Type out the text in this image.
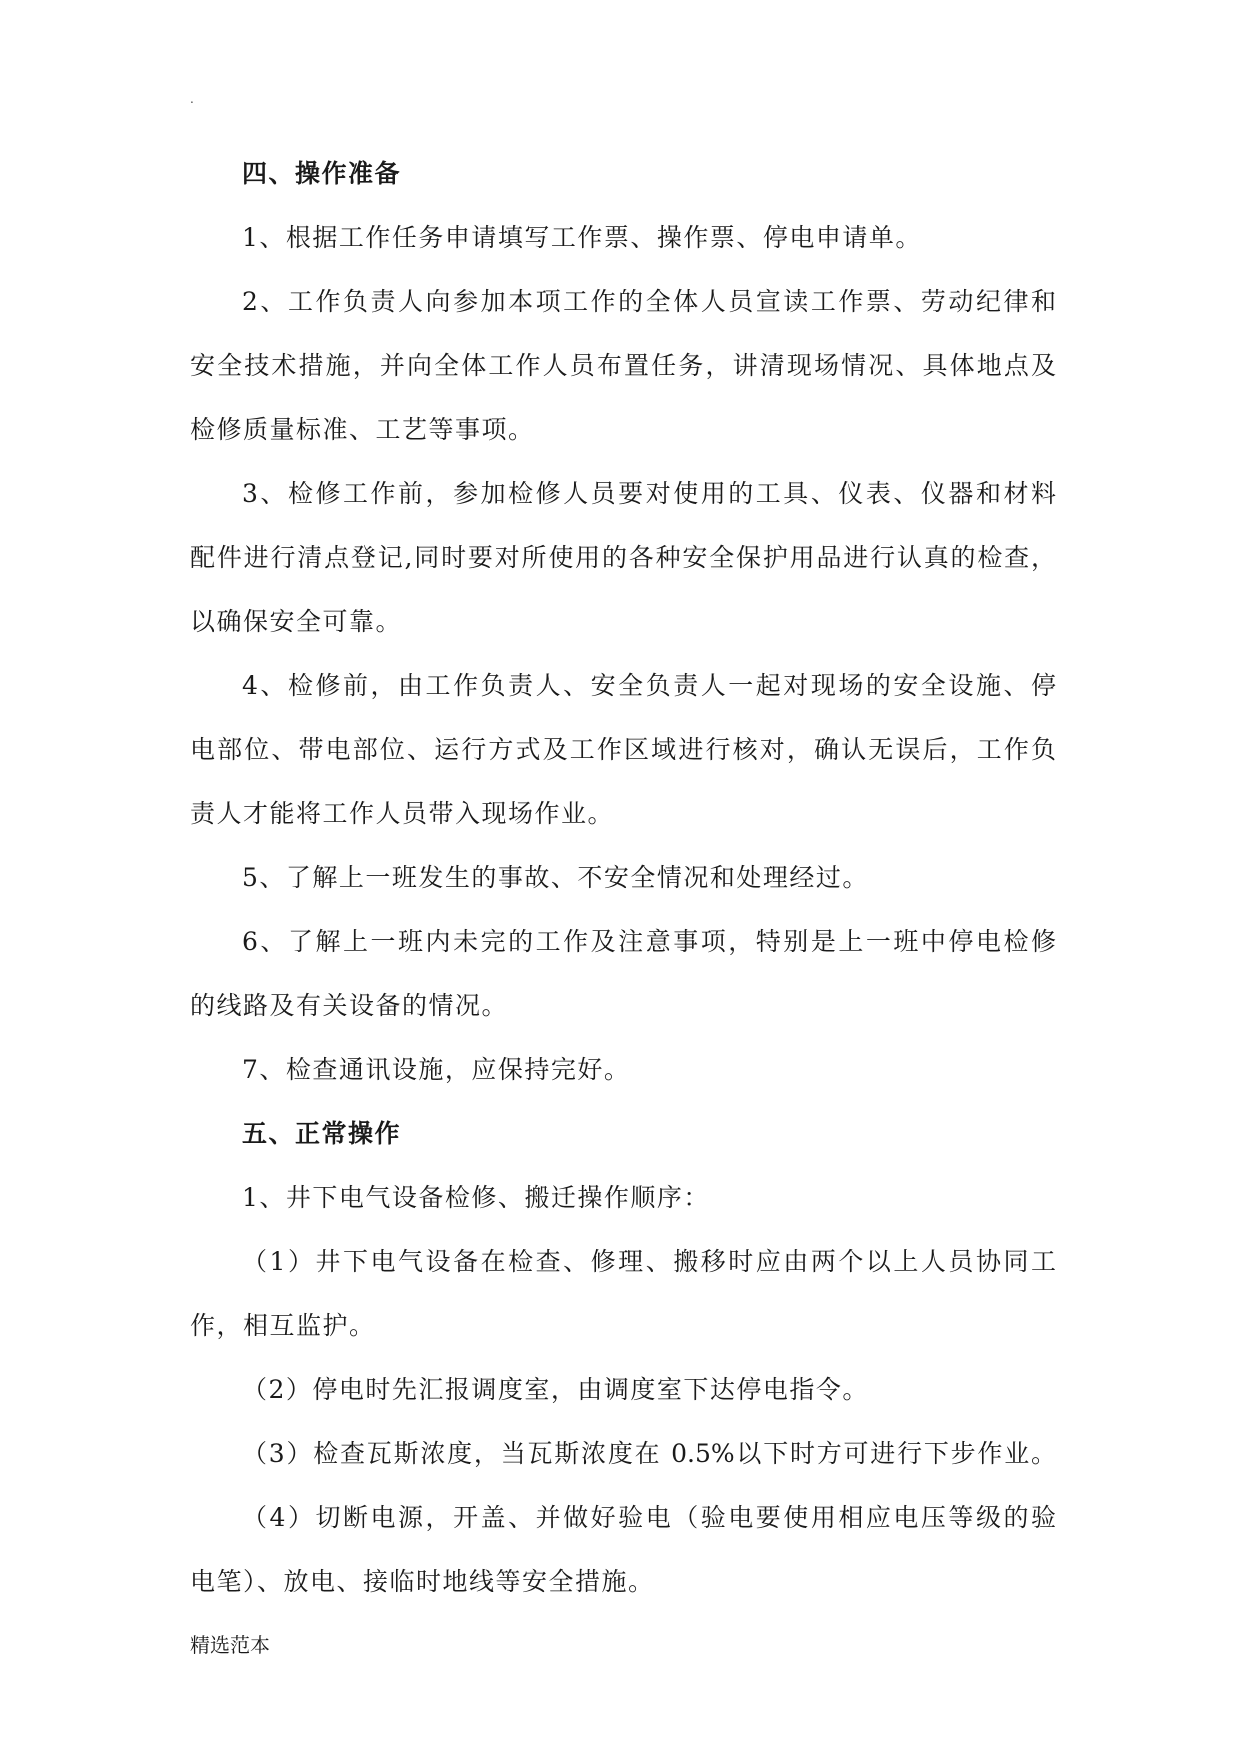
.
四、操作准备
1、根据工作任务申请填写工作票、操作票、停电申请单。
2、工作负责人向参加本项工作的全体人员宣读工作票、劳动纪律和
安全技术措施，并向全体工作人员布置任务，讲清现场情况、具体地点及
检修质量标准、工艺等事项。
3、检修工作前，参加检修人员要对使用的工具、仪表、仪器和材料
配件进行清点登记,同时要对所使用的各种安全保护用品进行认真的检查，
以确保安全可靠。
4、检修前，由工作负责人、安全负责人一起对现场的安全设施、停
电部位、带电部位、运行方式及工作区域进行核对，确认无误后，工作负
责人才能将工作人员带入现场作业。
5、了解上一班发生的事故、不安全情况和处理经过。
6、了解上一班内未完的工作及注意事项，特别是上一班中停电检修
的线路及有关设备的情况。
7、检查通讯设施，应保持完好。
五、正常操作
1、井下电气设备检修、搬迁操作顺序：
（1）井下电气设备在检查、修理、搬移时应由两个以上人员协同工
作，相互监护。
（2）停电时先汇报调度室，由调度室下达停电指令。
（3）检查瓦斯浓度，当瓦斯浓度在 0.5%以下时方可进行下步作业。
（4）切断电源，开盖、并做好验电（验电要使用相应电压等级的验
电笔）、放电、接临时地线等安全措施。
精选范本
